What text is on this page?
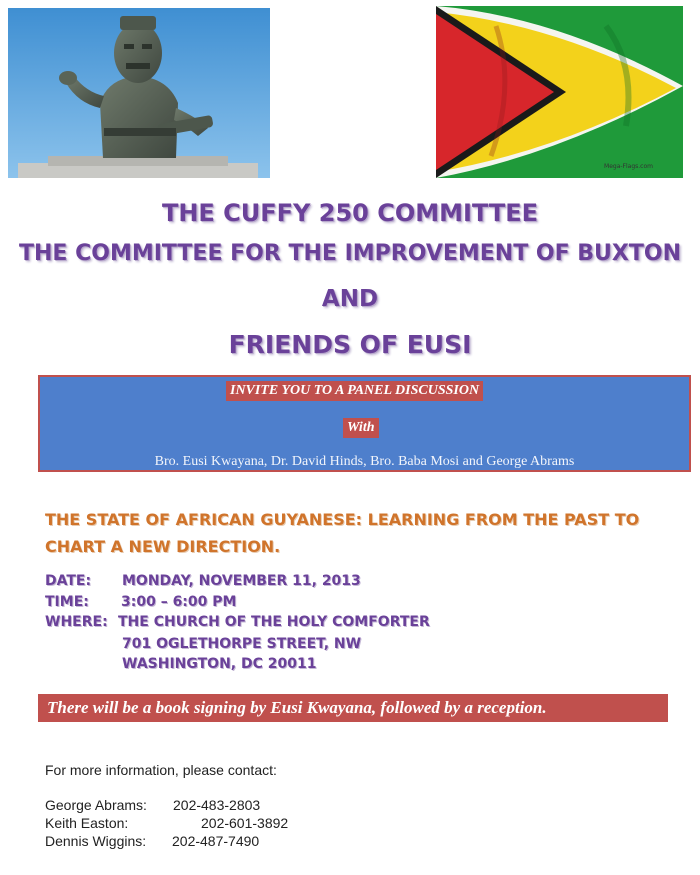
Mega-Flags.com
THE CUFFY 250 COMMITTEE
THE COMMITTEE FOR THE IMPROVEMENT OF BUXTON
AND
FRIENDS OF EUSI
INVITE YOU TO A PANEL DISCUSSION
With
Bro. Eusi Kwayana, Dr. David Hinds, Bro. Baba Mosi and George Abrams
THE STATE OF AFRICAN GUYANESE: LEARNING FROM THE PAST TO CHART A NEW DIRECTION.
DATE: MONDAY, NOVEMBER 11, 2013
TIME: 3:00 – 6:00 PM
WHERE: THE CHURCH OF THE HOLY COMFORTER
701 OGLETHORPE STREET, NW
WASHINGTON, DC 20011
There will be a book signing by Eusi Kwayana, followed by a reception.
For more information, please contact:
George Abrams: 202-483-2803
Keith Easton:	202-601-3892
Dennis Wiggins: 202-487-7490
